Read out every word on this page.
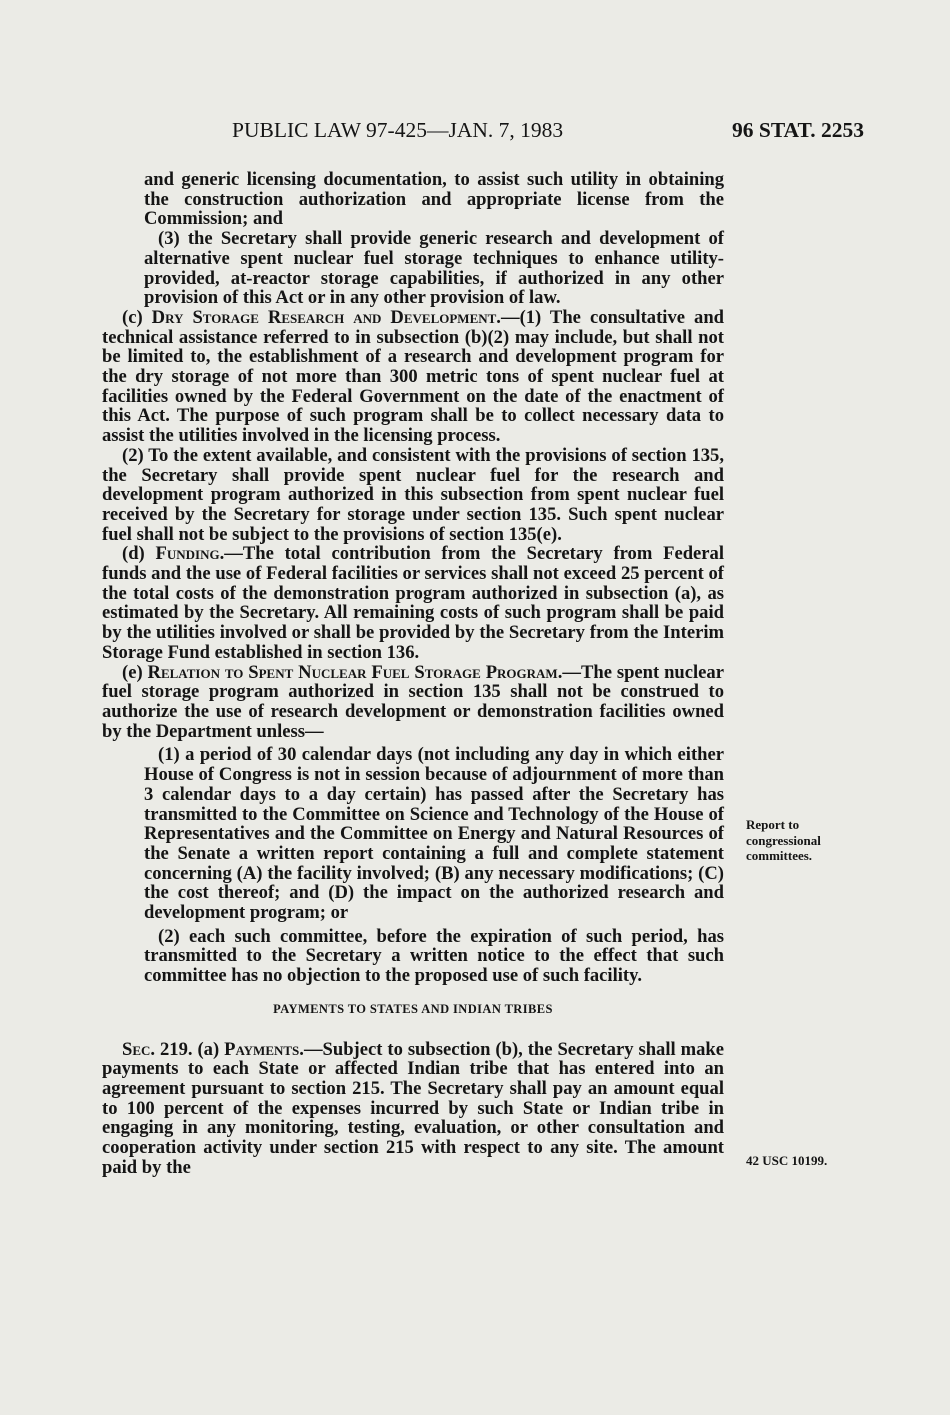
PUBLIC LAW 97-425—JAN. 7, 1983	96 STAT. 2253

and generic licensing documentation, to assist such utility in obtaining the construction authorization and appropriate license from the Commission; and

(3) the Secretary shall provide generic research and development of alternative spent nuclear fuel storage techniques to enhance utility-provided, at-reactor storage capabilities, if authorized in any other provision of this Act or in any other provision of law.

(c) Dry Storage Research and Development.—(1) The consultative and technical assistance referred to in subsection (b)(2) may include, but shall not be limited to, the establishment of a research and development program for the dry storage of not more than 300 metric tons of spent nuclear fuel at facilities owned by the Federal Government on the date of the enactment of this Act. The purpose of such program shall be to collect necessary data to assist the utilities involved in the licensing process.

(2) To the extent available, and consistent with the provisions of section 135, the Secretary shall provide spent nuclear fuel for the research and development program authorized in this subsection from spent nuclear fuel received by the Secretary for storage under section 135. Such spent nuclear fuel shall not be subject to the provisions of section 135(e).

(d) Funding.—The total contribution from the Secretary from Federal funds and the use of Federal facilities or services shall not exceed 25 percent of the total costs of the demonstration program authorized in subsection (a), as estimated by the Secretary. All remaining costs of such program shall be paid by the utilities involved or shall be provided by the Secretary from the Interim Storage Fund established in section 136.

(e) Relation to Spent Nuclear Fuel Storage Program.—The spent nuclear fuel storage program authorized in section 135 shall not be construed to authorize the use of research development or demonstration facilities owned by the Department unless—

(1) a period of 30 calendar days (not including any day in which either House of Congress is not in session because of adjournment of more than 3 calendar days to a day certain) has passed after the Secretary has transmitted to the Committee on Science and Technology of the House of Representatives and the Committee on Energy and Natural Resources of the Senate a written report containing a full and complete statement concerning (A) the facility involved; (B) any necessary modifications; (C) the cost thereof; and (D) the impact on the authorized research and development program; or

(2) each such committee, before the expiration of such period, has transmitted to the Secretary a written notice to the effect that such committee has no objection to the proposed use of such facility.

PAYMENTS TO STATES AND INDIAN TRIBES

Sec. 219. (a) Payments.—Subject to subsection (b), the Secretary shall make payments to each State or affected Indian tribe that has entered into an agreement pursuant to section 215. The Secretary shall pay an amount equal to 100 percent of the expenses incurred by such State or Indian tribe in engaging in any monitoring, testing, evaluation, or other consultation and cooperation activity under section 215 with respect to any site. The amount paid by the

Report to congressional committees.
42 USC 10199.
